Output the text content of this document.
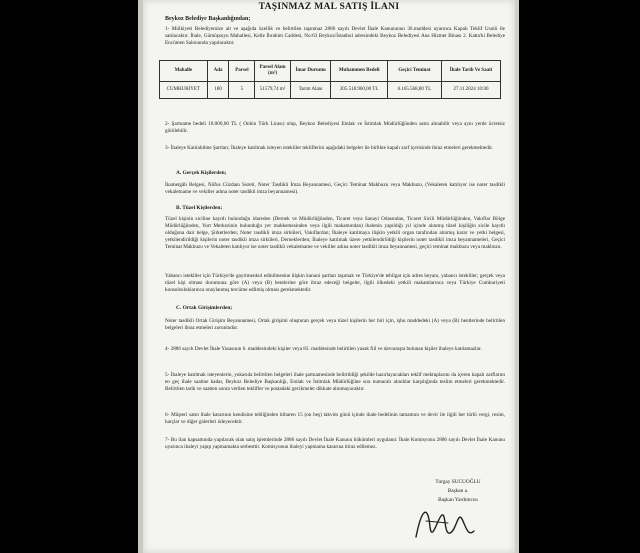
TAŞINMAZ MAL SATIŞ İLANI
Beykoz Belediye Başkanlığından;
1- Mülkiyeti Belediyemize ait ve aşağıda özellik ve belirtilen taşınmaz 2886 sayılı Devlet İhale Kanununun 36.maddesi uyarınca Kapalı Teklif Usulü ile satılacaktır. İhale, Gümüşsuyu Mahallesi, Kelle İbrahim Caddesi, No:63 Beykoz/İstanbul adresindeki Beykoz Belediyesi Ana Hizmet Binası 2. Katta'ki Belediye Encümen Salonunda yapılacaktır.
Mahalle	Ada	Parsel	Parsel Alanı (m²)	İmar Durumu	Muhammen Bedeli	Geçici Teminat	İhale Tarih Ve Saati
CUMHURİYET	180	5	51579,74 m²	Tarım Alanı	205.518.960,00 TL	6.165.568,80 TL	27.11.2024 10:00
2- Şartname bedeli 10.000,00 TL ( Onbin Türk Lirası) olup, Beykoz Belediyesi Emlak ve İstimlak Müdürlüğünden satın alınabilir veya aynı yerde ücretsiz görülebilir.
3- İhaleye Katılabilme Şartları; İhaleye katılmak isteyen istekliler tekliflerini aşağıdaki belgeler ile birlikte kapalı zarf içerisinde ibraz etmeleri gerekmektedir.
A. Gerçek Kişilerden;
İkametgâh Belgesi, Nüfus Cüzdanı Sureti, Noter Tasdikli İmza Beyannamesi, Geçici Teminat Makbuzu veya Makbuzu, (Vekaleten katılıyor ise noter tasdikli vekaletname ve vekiller adına noter tasdikli imza beyannamesi).
B. Tüzel Kişilerden;
Tüzel kişinin siciline kayıtlı bulunduğu idareden (Dernek ve Müdürlüğünden, Ticaret veya Sanayi Odasından, Ticaret Sicili Müdürlüğünden, Vakıflar Bölge Müdürlüğünden, Yurt Merkezinin bulunduğu yer mahkemesinden veya ilgili makamından) ihalenin yapıldığı yıl içinde alınmış tüzel kişiliğin sicile kayıtlı olduğuna dair belge, Şirketlerden; Noter tasdikli imza sirküleri, Vakıflardan; İhaleye katılmaya ilişkin yetkili organ tarafından alınmış karar ve yetki belgesi, yetkilendirildiği kişilerin noter tasdikli imza sirküleri, Derneklerden; İhaleye katılmak üzere yetkilendirildiği kişilerin noter tasdikli imza beyannameleri, Geçici Teminat Makbuzu ve Vekaleten katılıyor ise noter tasdikli vekaletname ve vekiller adına noter tasdikli imza beyannamesi, geçici teminat makbuzu veya makbuzu.
Yabancı istekliler için Türkiye'de gayrimenkul edinilmesine ilişkin kanuni şartları taşımak ve Türkiye'de tebligat için adres beyanı, yabancı istekliler; gerçek veya tüzel kişi olması durumuna göre (A) veya (B) bentlerine göre ibraz edeceği belgeler, ilgili ülkedeki yetkili makamlarınca veya Türkiye Cumhuriyeti konsolosluklarınca onaylanmış tercüme edilmiş olması gerekmektedir.
C. Ortak Girişimlerden;
Noter tasdikli Ortak Girişim Beyannamesi, Ortak girişimi oluşturan gerçek veya tüzel kişilerin her biri için, işbu maddedeki (A) veya (B) bentlerinde belirtilen belgeleri ibraz etmeleri zorunludur.
4- 2886 sayılı Devlet İhale Yasasının 6. maddesindeki kişiler veya 83. maddesinde belirtilen yasak fiil ve davranışta bulunan kişiler ihaleye katılamazlar.
5- İhaleye katılmak isteyenlerin, yukarıda belirtilen belgeleri ihale şartnamesinde belirtildiği şekilde hazırlayacakları teklif mektuplarını da içeren kapalı zarflarını en geç ihale saatine kadar, Beykoz Belediye Başkanlığı, Emlak ve İstimlak Müdürlüğüne sıra numaralı alındılar karşılığında teslim etmeleri gerekmektedir. Belirtilen tarih ve saatten sonra verilen teklifler ve postadaki gecikmeler dikkate alınmayacaktır.
6- Müşteri satın ihale kararının kendisine tebliğinden itibaren 15 (on beş) takvim günü içinde ihale bedelinin tamamını ve devir ile ilgili her türlü vergi, resim, harçlar ve diğer giderleri ödeyecektir.
7- Bu ilan kapsamında yapılacak olan satış işlemlerinde 2886 sayılı Devlet İhale Kanunu hükümleri uygulanır. İhale Komisyonu 2886 sayılı Devlet İhale Kanunu uyarınca ihaleyi yapıp yapmamakta serbesttir. Komisyonun ihaleyi yapmama kararına itiraz edilemez.
Turgay SUCUOĞLU
Başkan a.
Başkan Yardımcısı
